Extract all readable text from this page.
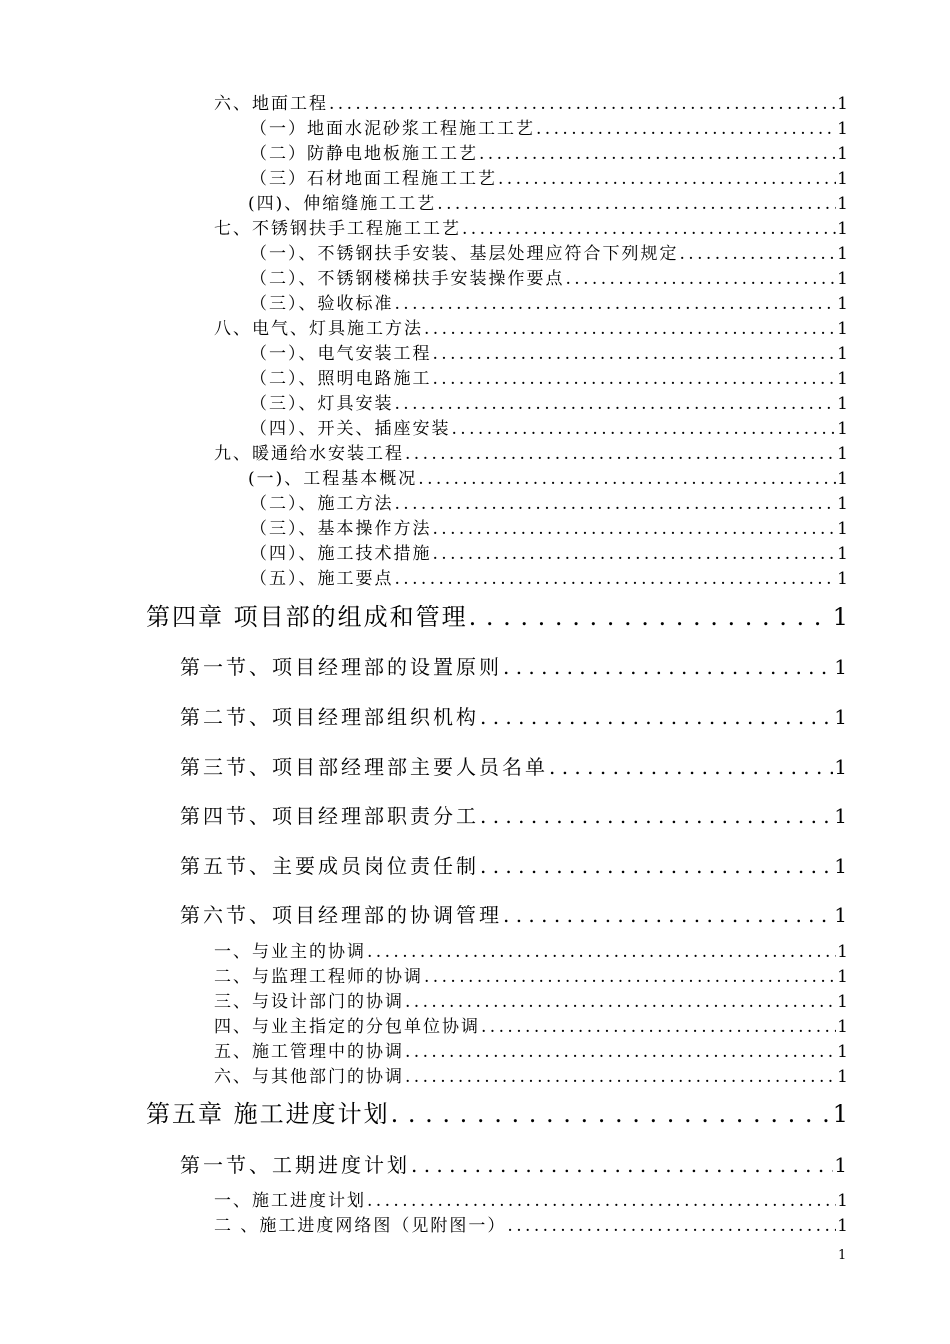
六、地面工程 . . .	1
（一）地面水泥砂浆工程施工工艺 . . .	1
（二）防静电地板施工工艺 . . .	1
（三）石材地面工程施工工艺 . . .	1
(四)、伸缩缝施工工艺 . . .	1
七、不锈钢扶手工程施工工艺 . . .	1
（一）、不锈钢扶手安装、基层处理应符合下列规定 . . .	1
（二）、不锈钢楼梯扶手安装操作要点 . . .	1
（三）、验收标准 . . .	1
八、电气、灯具施工方法 . . .	1
（一）、电气安装工程 . . .	1
（二）、照明电路施工 . . .	1
（三）、灯具安装 . . .	1
（四）、开关、插座安装 . . .	1
九、暖通给水安装工程 . . .	1
(一)、工程基本概况 . . .	1
（二）、施工方法 . . .	1
（三）、基本操作方法 . . .	1
（四）、施工技术措施 . . .	1
（五）、施工要点 . . .	1
第四章 项目部的组成和管理 . . .	1
第一节、项目经理部的设置原则 . . .	1
第二节、项目经理部组织机构 . . .	1
第三节、项目部经理部主要人员名单 . . .	1
第四节、项目经理部职责分工 . . .	1
第五节、主要成员岗位责任制 . . .	1
第六节、项目经理部的协调管理 . . .	1
一、与业主的协调 . . .	1
二、与监理工程师的协调 . . .	1
三、与设计部门的协调 . . .	1
四、与业主指定的分包单位协调 . . .	1
五、施工管理中的协调 . . .	1
六、与其他部门的协调 . . .	1
第五章 施工进度计划 . . .	1
第一节、工期进度计划 . . .	1
一、施工进度计划 . . .	1
二 、施工进度网络图（见附图一） . . .	1
1
